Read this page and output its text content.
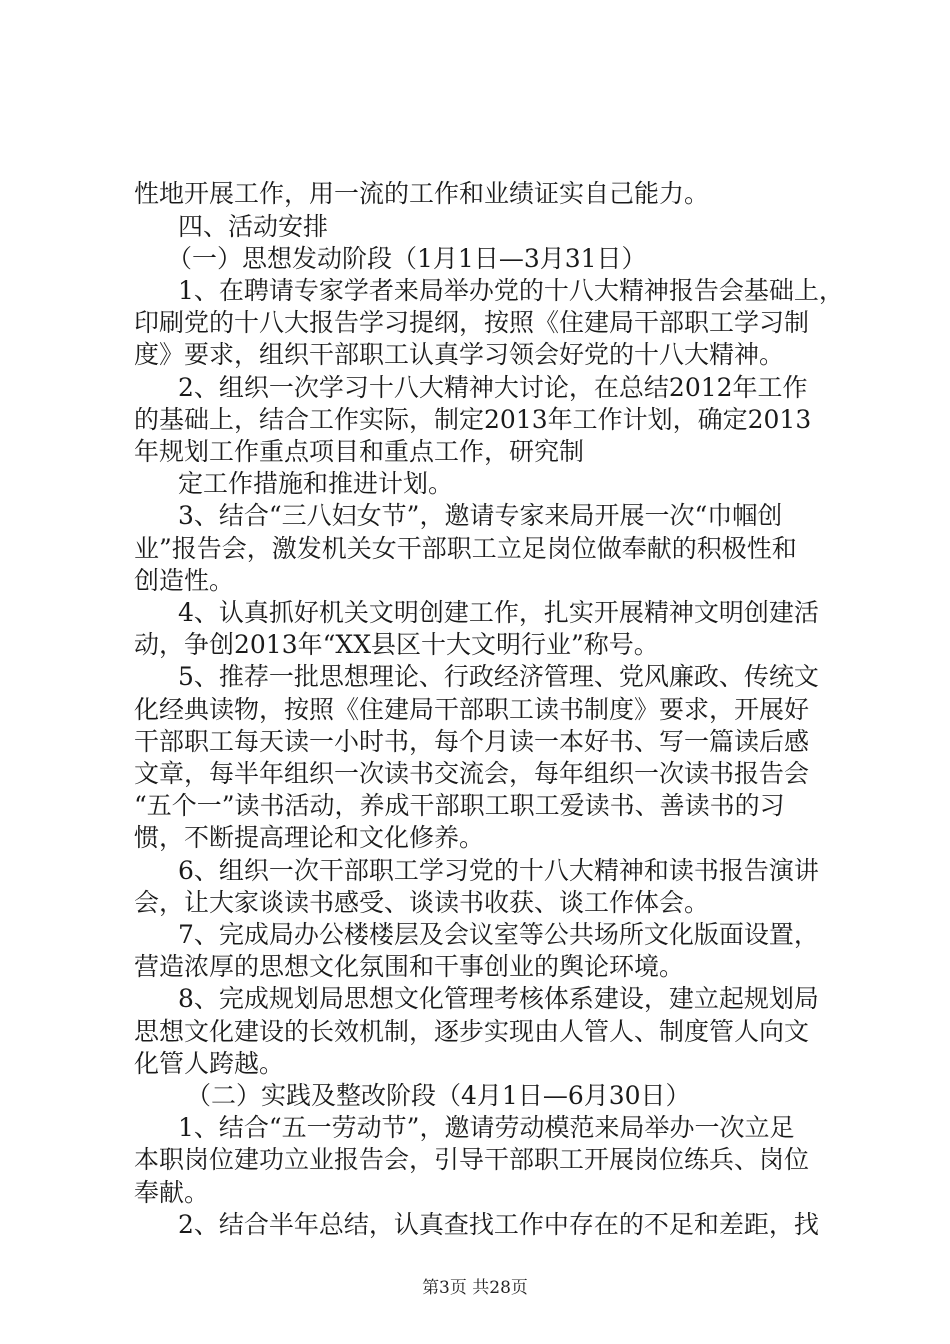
性地开展工作，用一流的工作和业绩证实自己能力。

四、活动安排

（一）思想发动阶段（1月1日—3月31日）

1、在聘请专家学者来局举办党的十八大精神报告会基础上，

印刷党的十八大报告学习提纲，按照《住建局干部职工学习制

度》要求，组织干部职工认真学习领会好党的十八大精神。

2、组织一次学习十八大精神大讨论，在总结2012年工作

的基础上，结合工作实际，制定2013年工作计划，确定2013

年规划工作重点项目和重点工作，研究制

定工作措施和推进计划。

3、结合“三八妇女节”，邀请专家来局开展一次“巾帼创

业”报告会，激发机关女干部职工立足岗位做奉献的积极性和

创造性。

4、认真抓好机关文明创建工作，扎实开展精神文明创建活

动，争创2013年“XX县区十大文明行业”称号。

5、推荐一批思想理论、行政经济管理、党风廉政、传统文

化经典读物，按照《住建局干部职工读书制度》要求，开展好

干部职工每天读一小时书，每个月读一本好书、写一篇读后感

文章，每半年组织一次读书交流会，每年组织一次读书报告会

“五个一”读书活动，养成干部职工职工爱读书、善读书的习

惯，不断提高理论和文化修养。

6、组织一次干部职工学习党的十八大精神和读书报告演讲

会，让大家谈读书感受、谈读书收获、谈工作体会。

7、完成局办公楼楼层及会议室等公共场所文化版面设置，

营造浓厚的思想文化氛围和干事创业的舆论环境。

8、完成规划局思想文化管理考核体系建设，建立起规划局

思想文化建设的长效机制，逐步实现由人管人、制度管人向文

化管人跨越。

（二）实践及整改阶段（4月1日—6月30日）

1、结合“五一劳动节”，邀请劳动模范来局举办一次立足

本职岗位建功立业报告会，引导干部职工开展岗位练兵、岗位

奉献。

2、结合半年总结，认真查找工作中存在的不足和差距，找

第3页 共28页
